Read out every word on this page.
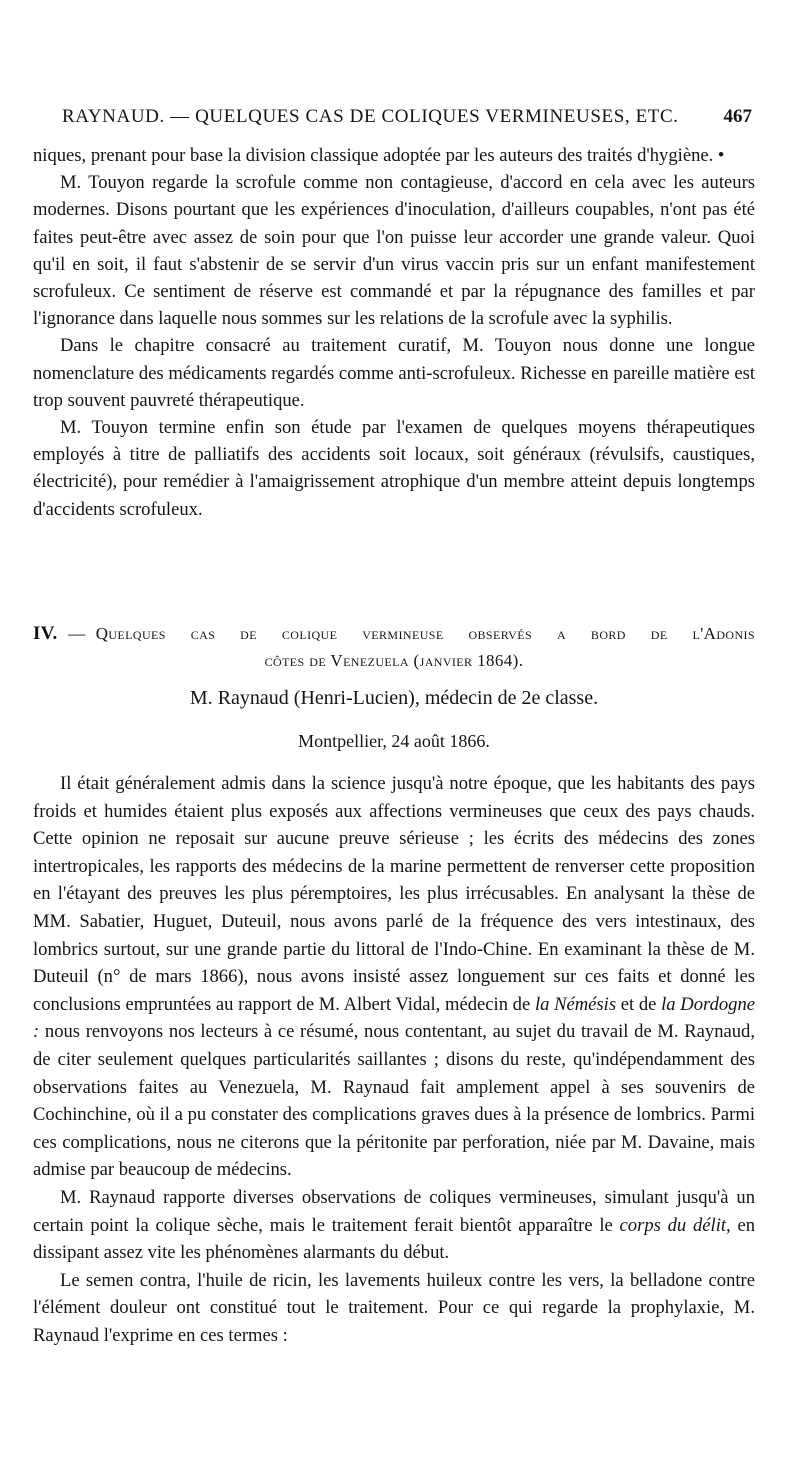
RAYNAUD. — QUELQUES CAS DE COLIQUES VERMINEUSES, ETC. 467

niques, prenant pour base la division classique adoptée par les auteurs des traités d'hygiène. •

M. Touyon regarde la scrofule comme non contagieuse, d'accord en cela avec les auteurs modernes. Disons pourtant que les expériences d'inoculation, d'ailleurs coupables, n'ont pas été faites peut-être avec assez de soin pour que l'on puisse leur accorder une grande valeur. Quoi qu'il en soit, il faut s'abstenir de se servir d'un virus vaccin pris sur un enfant manifestement scrofuleux. Ce sentiment de réserve est commandé et par la répugnance des familles et par l'ignorance dans laquelle nous sommes sur les relations de la scrofule avec la syphilis.

Dans le chapitre consacré au traitement curatif, M. Touyon nous donne une longue nomenclature des médicaments regardés comme anti-scrofuleux. Richesse en pareille matière est trop souvent pauvreté thérapeutique.

M. Touyon termine enfin son étude par l'examen de quelques moyens thérapeutiques employés à titre de palliatifs des accidents soit locaux, soit généraux (révulsifs, caustiques, électricité), pour remédier à l'amaigrissement atrophique d'un membre atteint depuis longtemps d'accidents scrofuleux.

IV. — Quelques cas de colique vermineuse observés a bord de l'Adonis
côtes de Venezuela (janvier 1864).
M. Raynaud (Henri-Lucien), médecin de 2e classe.
Montpellier, 24 août 1866.

Il était généralement admis dans la science jusqu'à notre époque, que les habitants des pays froids et humides étaient plus exposés aux affections vermineuses que ceux des pays chauds. Cette opinion ne reposait sur aucune preuve sérieuse ; les écrits des médecins des zones intertropicales, les rapports des médecins de la marine permettent de renverser cette proposition en l'étayant des preuves les plus péremptoires, les plus irrécusables. En analysant la thèse de MM. Sabatier, Huguet, Duteuil, nous avons parlé de la fréquence des vers intestinaux, des lombrics surtout, sur une grande partie du littoral de l'Indo-Chine. En examinant la thèse de M. Duteuil (n° de mars 1866), nous avons insisté assez longuement sur ces faits et donné les conclusions empruntées au rapport de M. Albert Vidal, médecin de la Némésis et de la Dordogne : nous renvoyons nos lecteurs à ce résumé, nous contentant, au sujet du travail de M. Raynaud, de citer seulement quelques particularités saillantes ; disons du reste, qu'indépendamment des observations faites au Venezuela, M. Raynaud fait amplement appel à ses souvenirs de Cochinchine, où il a pu constater des complications graves dues à la présence de lombrics. Parmi ces complications, nous ne citerons que la péritonite par perforation, niée par M. Davaine, mais admise par beaucoup de médecins.

M. Raynaud rapporte diverses observations de coliques vermineuses, simulant jusqu'à un certain point la colique sèche, mais le traitement ferait bientôt apparaître le corps du délit, en dissipant assez vite les phénomènes alarmants du début.

Le semen contra, l'huile de ricin, les lavements huileux contre les vers, la belladone contre l'élément douleur ont constitué tout le traitement. Pour ce qui regarde la prophylaxie, M. Raynaud l'exprime en ces termes :
